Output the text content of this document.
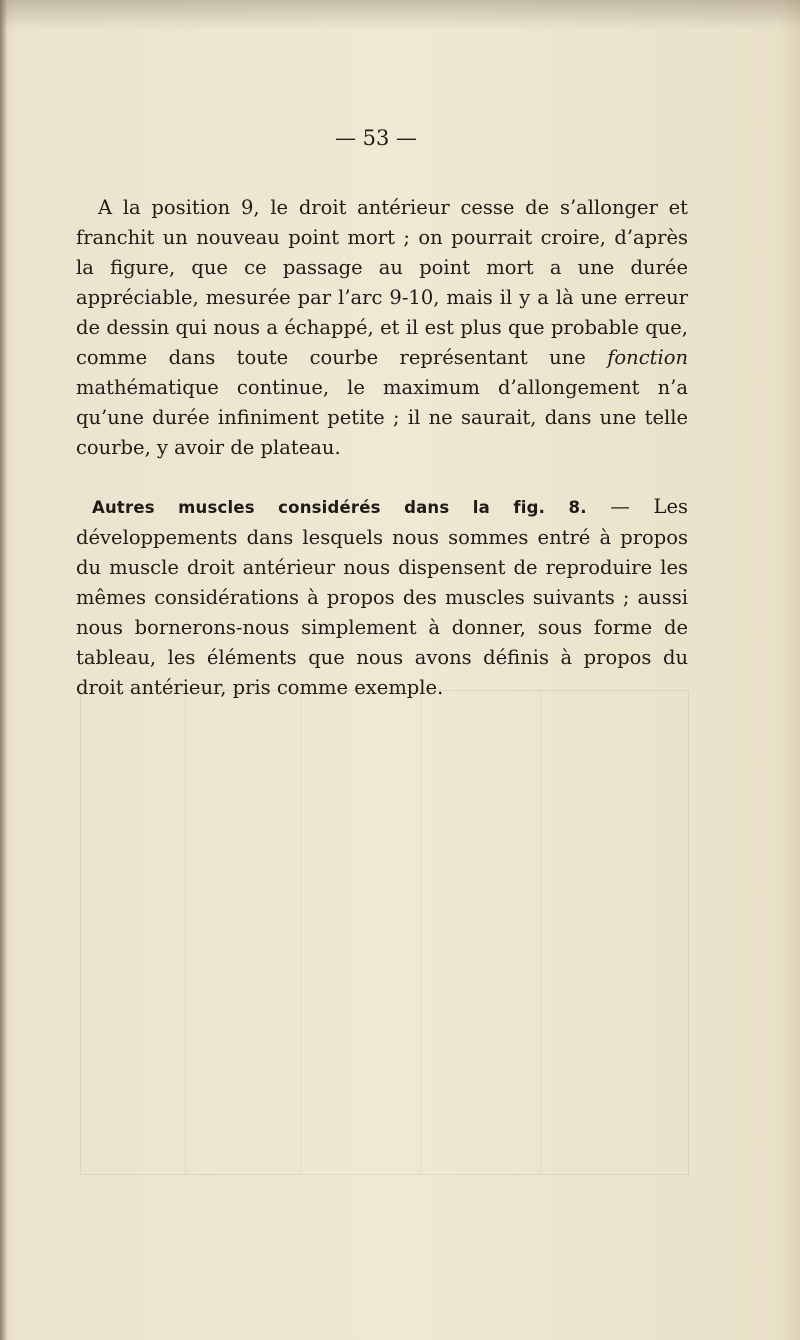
— 53 —

A la position 9, le droit antérieur cesse de s’allonger et franchit un nouveau point mort ; on pourrait croire, d’après la figure, que ce passage au point mort a une durée appréciable, mesurée par l’arc 9-10, mais il y a là une erreur de dessin qui nous a échappé, et il est plus que probable que, comme dans toute courbe représentant une fonction mathématique continue, le maximum d’allongement n’a qu’une durée infiniment petite ; il ne saurait, dans une telle courbe, y avoir de plateau.

Autres muscles considérés dans la fig. 8. — Les développements dans lesquels nous sommes entré à propos du muscle droit antérieur nous dispensent de reproduire les mêmes considérations à propos des muscles suivants ; aussi nous bornerons-nous simplement à donner, sous forme de tableau, les éléments que nous avons définis à propos du droit antérieur, pris comme exemple.
